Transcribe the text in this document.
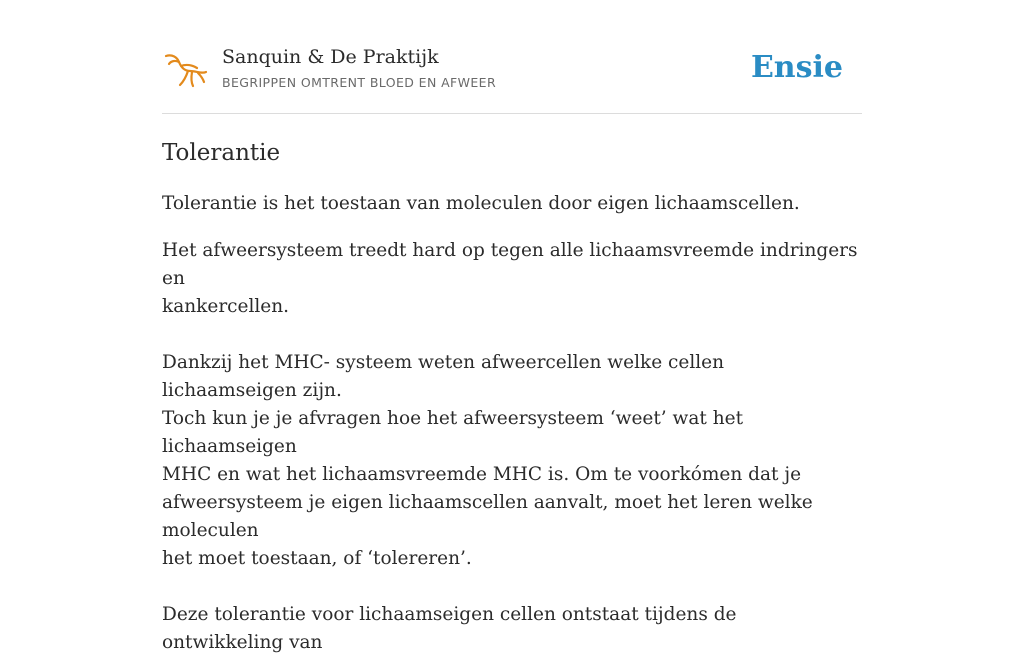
Sanquin & De Praktijk
BEGRIPPEN OMTRENT BLOED EN AFWEER	Ensie
Tolerantie

Tolerantie is het toestaan van moleculen door eigen lichaamscellen.

Het afweersysteem treedt hard op tegen alle lichaamsvreemde indringers en
kankercellen.

Dankzij het MHC- systeem weten afweercellen welke cellen lichaamseigen zijn.
Toch kun je je afvragen hoe het afweersysteem ‘weet’ wat het lichaamseigen
MHC en wat het lichaamsvreemde MHC is. Om te voorkómen dat je
afweersysteem je eigen lichaamscellen aanvalt, moet het leren welke moleculen
het moet toestaan, of ‘tolereren’.

Deze tolerantie voor lichaamseigen cellen ontstaat tijdens de ontwikkeling van
